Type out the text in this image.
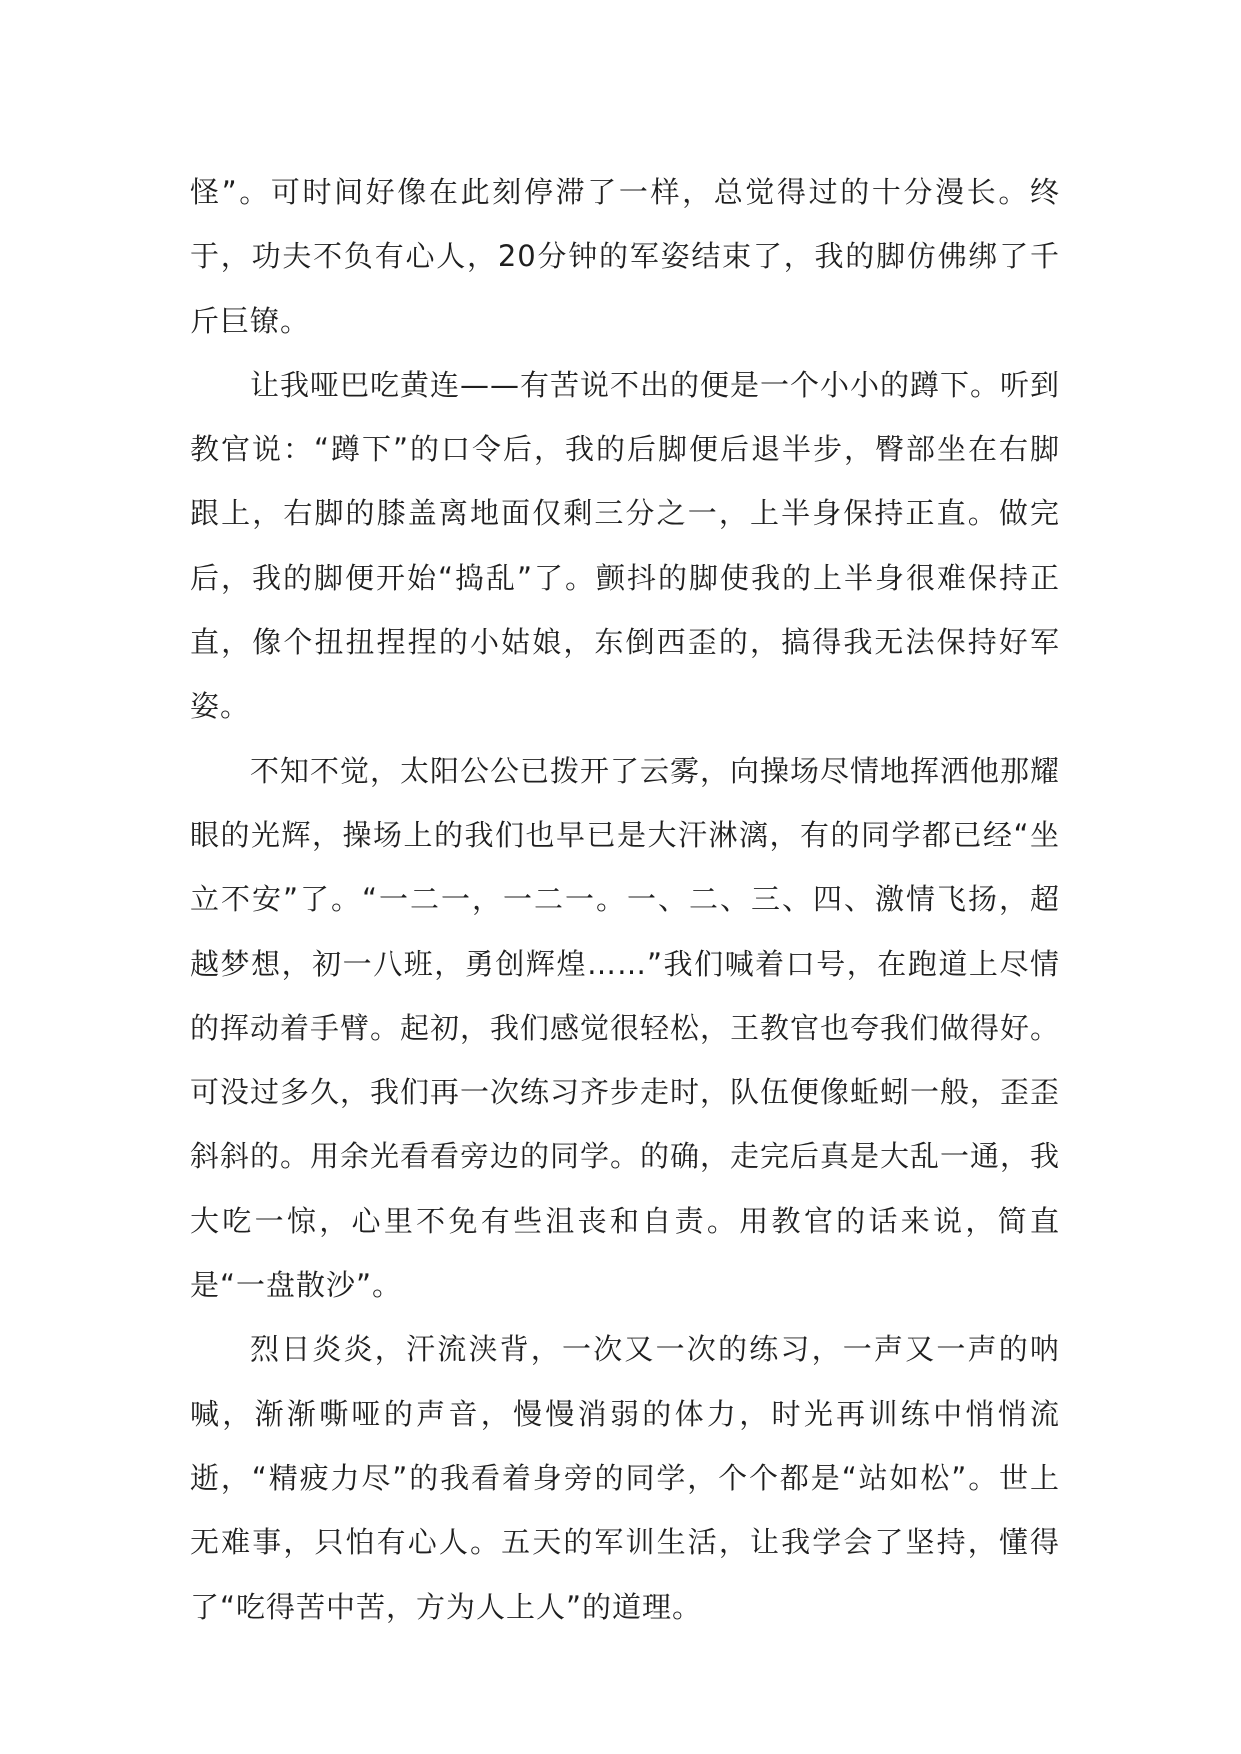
怪”。可时间好像在此刻停滞了一样，总觉得过的十分漫长。终于，功夫不负有心人，20分钟的军姿结束了，我的脚仿佛绑了千斤巨镣。

让我哑巴吃黄连——有苦说不出的便是一个小小的蹲下。听到教官说：“蹲下”的口令后，我的后脚便后退半步，臀部坐在右脚跟上，右脚的膝盖离地面仅剩三分之一，上半身保持正直。做完后，我的脚便开始“捣乱”了。颤抖的脚使我的上半身很难保持正直，像个扭扭捏捏的小姑娘，东倒西歪的，搞得我无法保持好军姿。

不知不觉，太阳公公已拨开了云雾，向操场尽情地挥洒他那耀眼的光辉，操场上的我们也早已是大汗淋漓，有的同学都已经“坐立不安”了。“一二一，一二一。一、二、三、四、激情飞扬，超越梦想，初一八班，勇创辉煌……”我们喊着口号，在跑道上尽情的挥动着手臂。起初，我们感觉很轻松，王教官也夸我们做得好。可没过多久，我们再一次练习齐步走时，队伍便像蚯蚓一般，歪歪斜斜的。用余光看看旁边的同学。的确，走完后真是大乱一通，我大吃一惊，心里不免有些沮丧和自责。用教官的话来说，简直是“一盘散沙”。

烈日炎炎，汗流浃背，一次又一次的练习，一声又一声的呐喊，渐渐嘶哑的声音，慢慢消弱的体力，时光再训练中悄悄流逝，“精疲力尽”的我看着身旁的同学，个个都是“站如松”。世上无难事，只怕有心人。五天的军训生活，让我学会了坚持，懂得了“吃得苦中苦，方为人上人”的道理。
